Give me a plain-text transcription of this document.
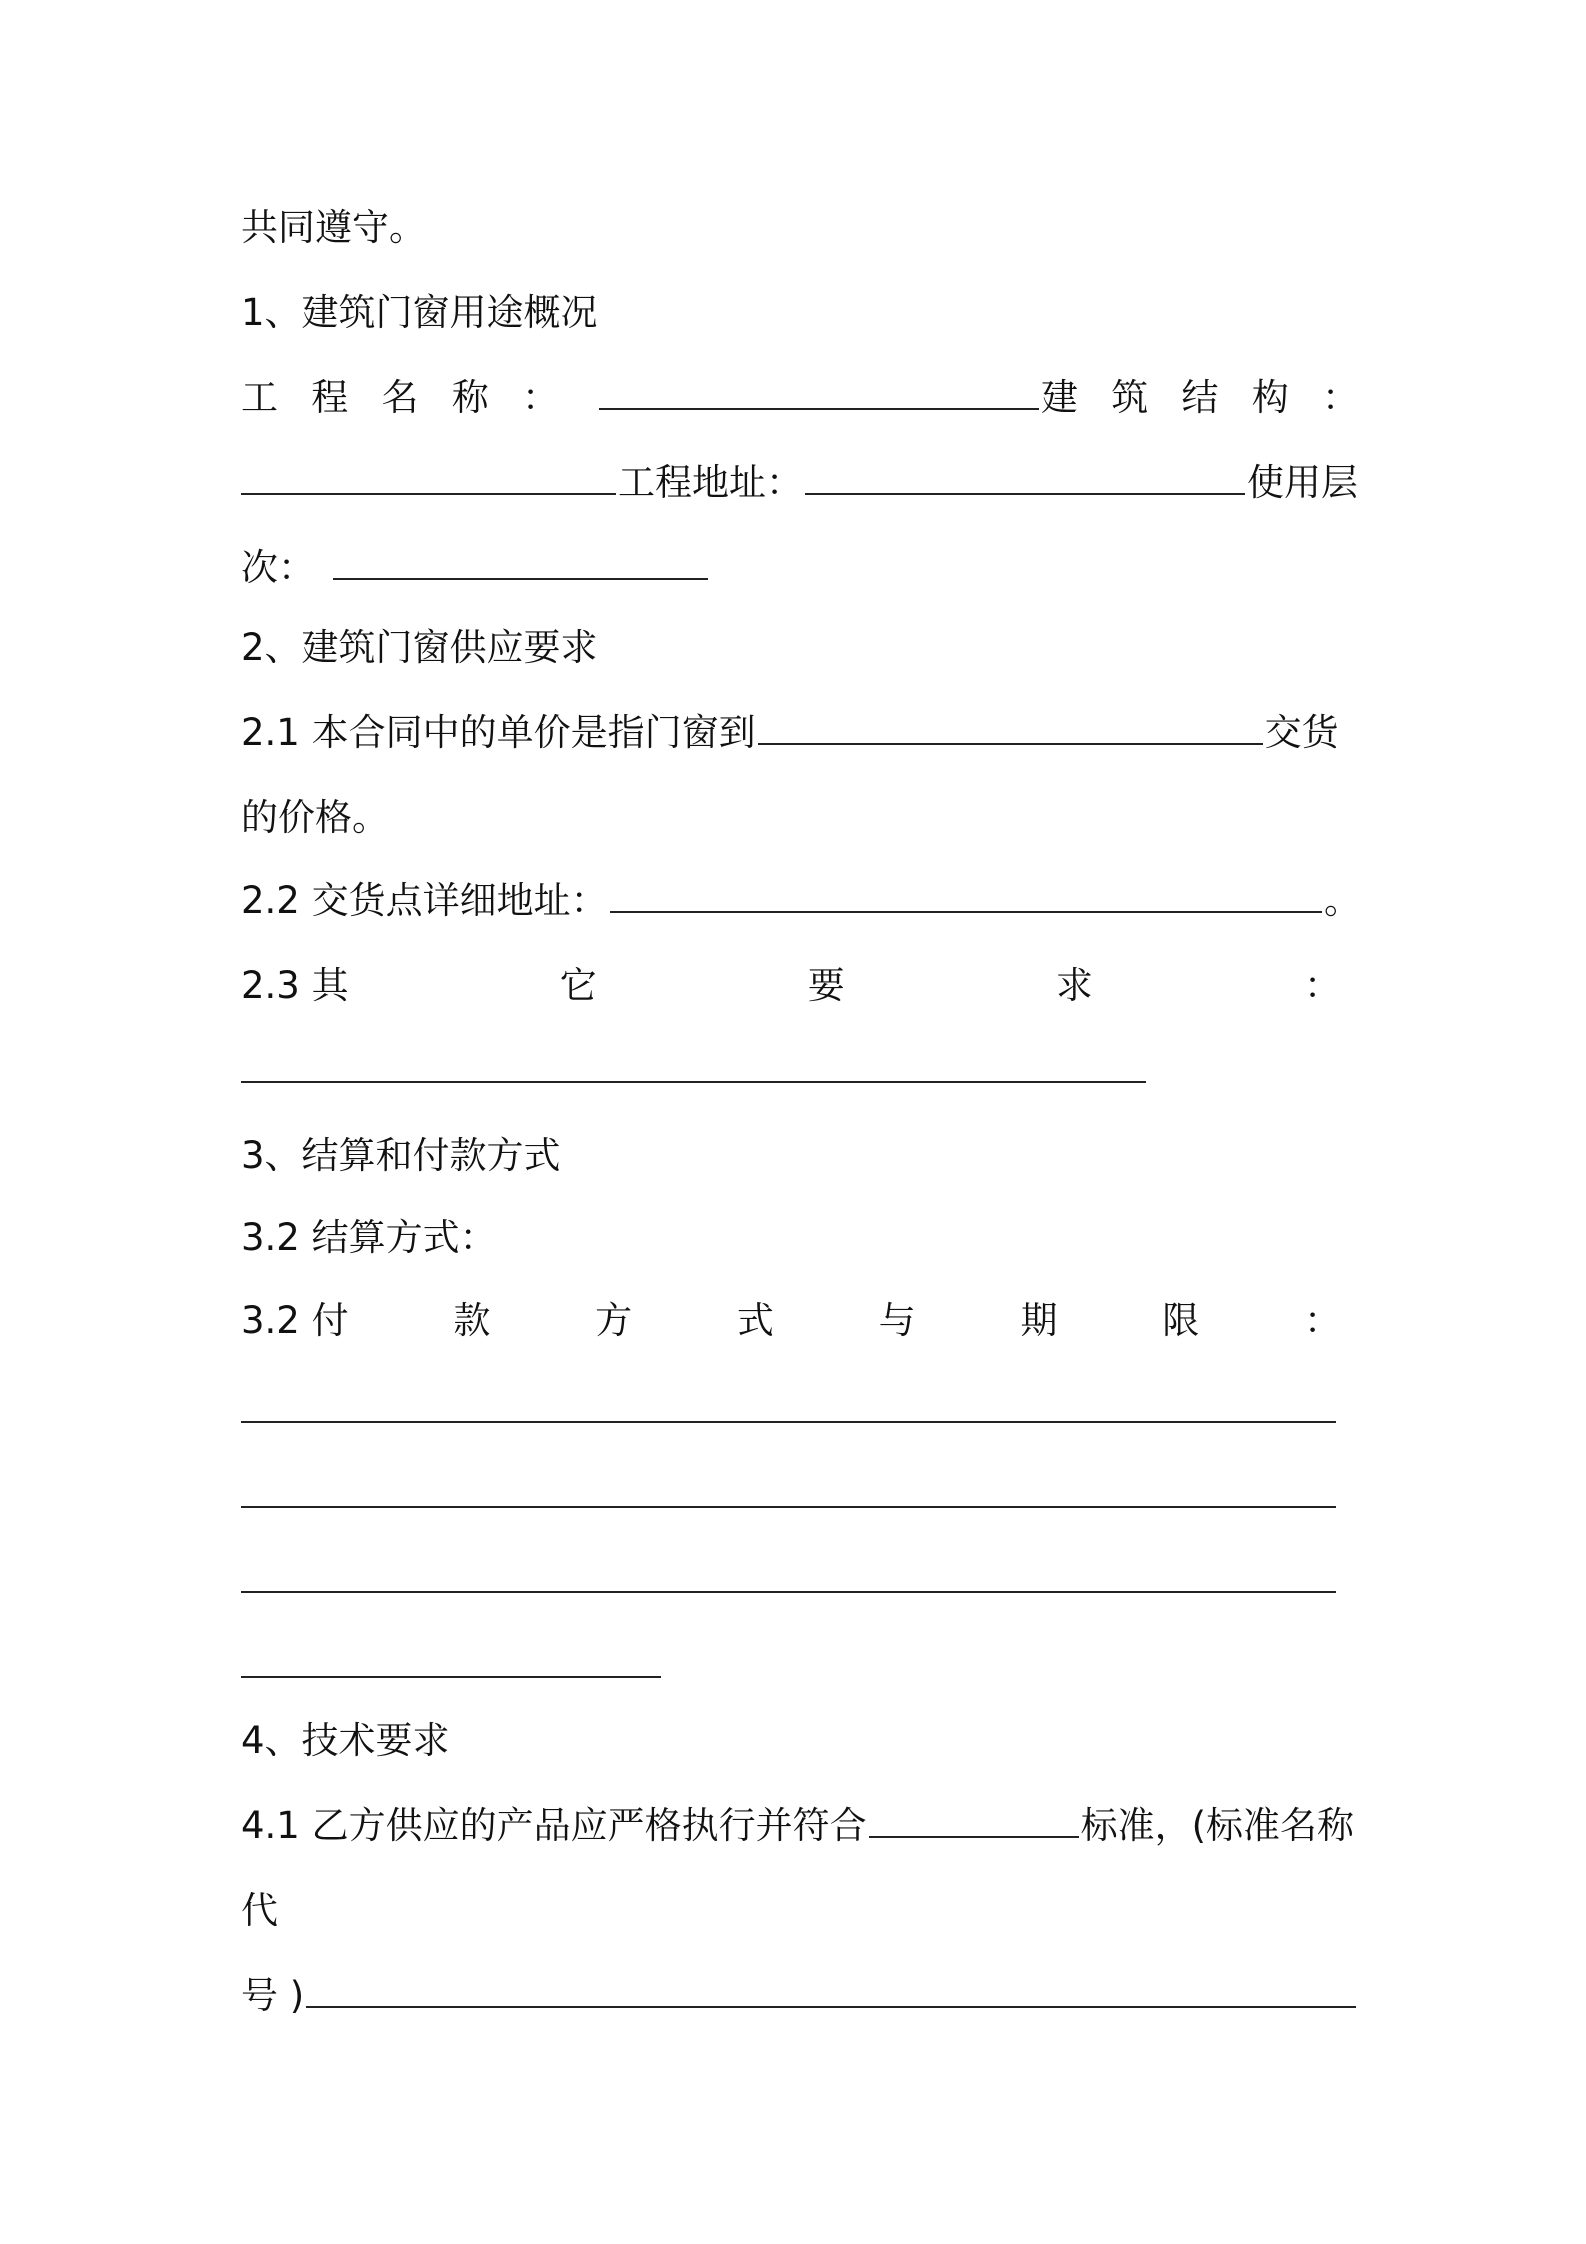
共同遵守。
1、建筑门窗用途概况
工 程 名 称 ：	建 筑 结 构 ：
工程地址：	使用层
次：
2、建筑门窗供应要求
2.1 本合同中的单价是指门窗到	交货
的价格。
2.2 交货点详细地址：	。
2.3 其	它	要	求	：
3、结算和付款方式
3.2 结算方式：
3.2 付	款	方	式	与	期	限	：
4、技术要求
4.1 乙方供应的产品应严格执行并符合	标准，(标准名称
代
号 )
